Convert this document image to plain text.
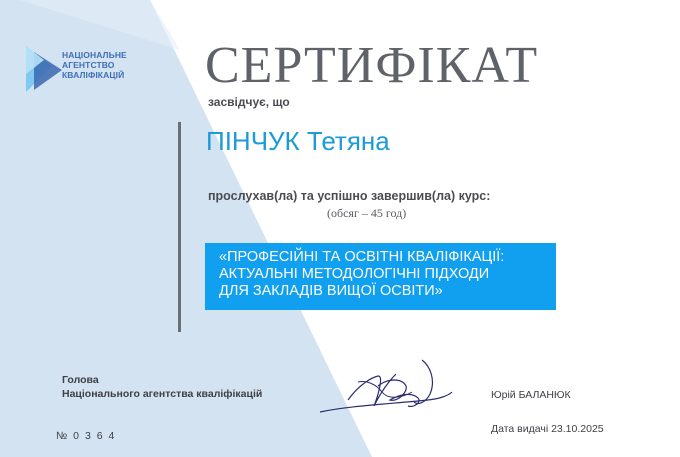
НАЦІОНАЛЬНЕ
АГЕНТСТВО
КВАЛІФІКАЦІЙ СЕРТИФІКАТ
засвідчує, що
ПІНЧУК Тетяна
прослухав(ла) та успішно завершив(ла) курс:
(обсяг – 45 год)
«ПРОФЕСІЙНІ ТА ОСВІТНІ КВАЛІФІКАЦІЇ:
АКТУАЛЬНІ МЕТОДОЛОГІЧНІ ПІДХОДИ
ДЛЯ ЗАКЛАДІВ ВИЩОЇ ОСВІТИ»
Голова
Національного агентства кваліфікацій	Юрій БАЛАНЮК
№ 0 3 6 4
Дата видачі 23.10.2025
